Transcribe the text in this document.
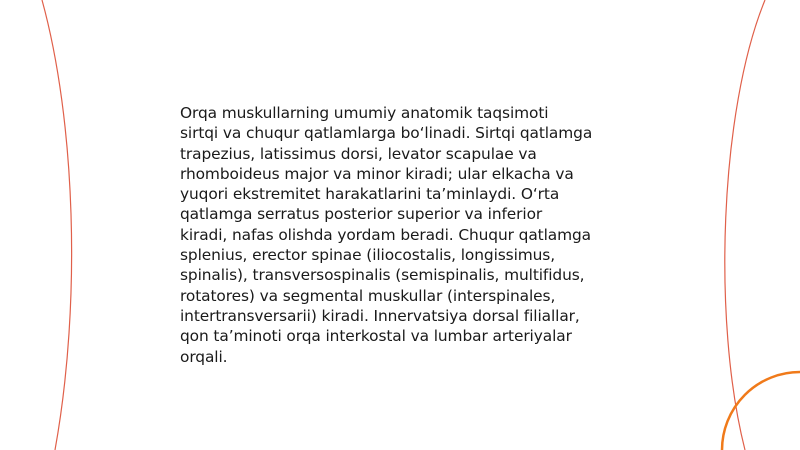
Orqa muskullarning umumiy anatomik taqsimoti
sirtqi va chuqur qatlamlarga bo‘linadi. Sirtqi qatlamga
trapezius, latissimus dorsi, levator scapulae va
rhomboideus major va minor kiradi; ular elkacha va
yuqori ekstremitet harakatlarini ta’minlaydi. O‘rta
qatlamga serratus posterior superior va inferior
kiradi, nafas olishda yordam beradi. Chuqur qatlamga
splenius, erector spinae (iliocostalis, longissimus,
spinalis), transversospinalis (semispinalis, multifidus,
rotatores) va segmental muskullar (interspinales,
intertransversarii) kiradi. Innervatsiya dorsal filiallar,
qon ta’minoti orqa interkostal va lumbar arteriyalar
orqali.
